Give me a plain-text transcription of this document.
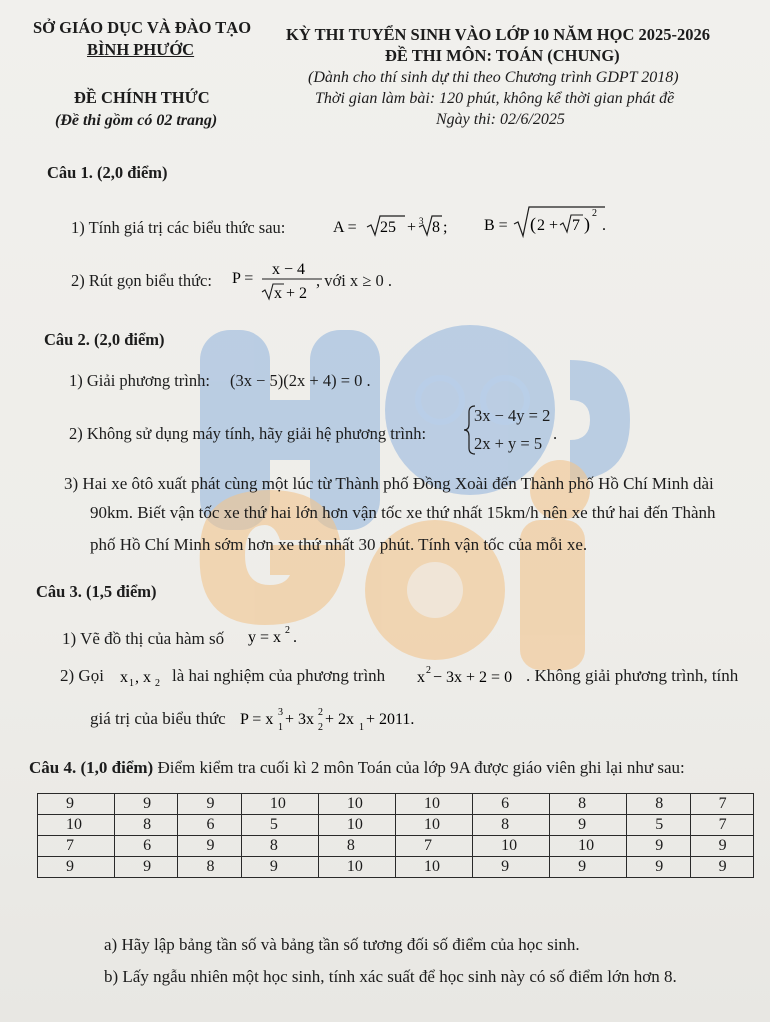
SỞ GIÁO DỤC VÀ ĐÀO TẠO
BÌNH PHƯỚC
ĐỀ CHÍNH THỨC
(Đề thi gồm có 02 trang)
KỲ THI TUYỂN SINH VÀO LỚP 10 NĂM HỌC 2025-2026
ĐỀ THI MÔN: TOÁN (CHUNG)
(Dành cho thí sinh dự thi theo Chương trình GDPT 2018)
Thời gian làm bài: 120 phút, không kể thời gian phát đề
Ngày thi: 02/6/2025
Câu 1. (2,0 điểm)
1) Tính giá trị các biểu thức sau:	A = 25 + 3 8 ; B = ( 2 + 7 )
2
.
2) Rút gọn biểu thức: P =
x − 4
x + 2
, với x ≥ 0 .
Câu 2. (2,0 điểm)
1) Giải phương trình: (3x − 5)(2x + 4) = 0 .
2) Không sử dụng máy tính, hãy giải hệ phương trình:
3x − 4y = 2
2x + y = 5
.
3) Hai xe ôtô xuất phát cùng một lúc từ Thành phố Đồng Xoài đến Thành phố Hồ Chí Minh dài
90km. Biết vận tốc xe thứ hai lớn hơn vận tốc xe thứ nhất 15km/h nên xe thứ hai đến Thành
phố Hồ Chí Minh sớm hơn xe thứ nhất 30 phút. Tính vận tốc của mỗi xe.
Câu 3. (1,5 điểm)
1) Vẽ đồ thị của hàm số y = x 2 .
2) Gọi x 1 , x 2 là hai nghiệm của phương trình x 2 − 3x + 2 = 0 . Không giải phương trình, tính
giá trị của biểu thức P = x 3
1 + 3x 2
2 + 2x 1 + 2011.
Câu 4. (1,0 điểm) Điểm kiểm tra cuối kì 2 môn Toán của lớp 9A được giáo viên ghi lại như sau:
9	9	9	10	10	10	6	8	8	7
10	8	6	5	10	10	8	9	5	7
7	6	9	8	8	7	10	10	9	9
9	9	8	9	10	10	9	9	9	9
a) Hãy lập bảng tần số và bảng tần số tương đối số điểm của học sinh.
b) Lấy ngẫu nhiên một học sinh, tính xác suất để học sinh này có số điểm lớn hơn 8.
